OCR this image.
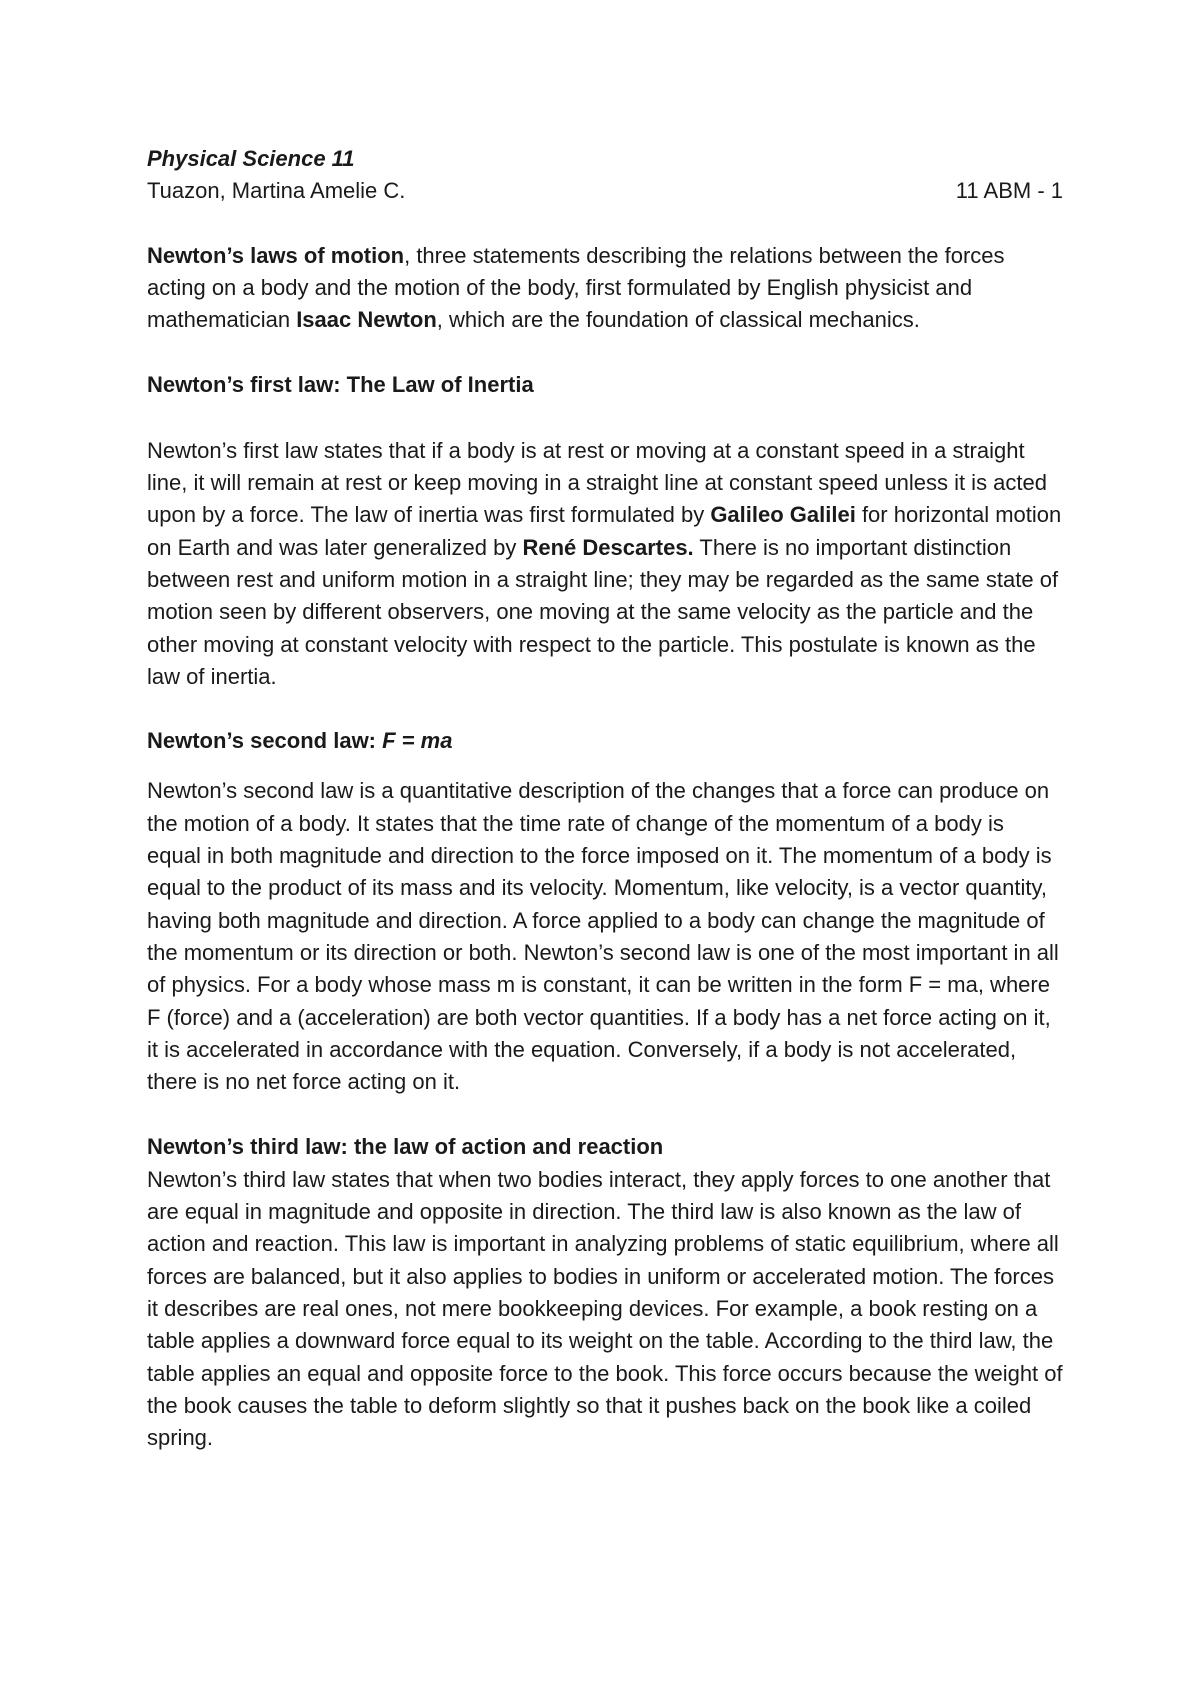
Physical Science 11

Tuazon, Martina Amelie C.	11 ABM - 1

Newton’s laws of motion, three statements describing the relations between the forces acting on a body and the motion of the body, first formulated by English physicist and mathematician Isaac Newton, which are the foundation of classical mechanics.

Newton’s first law: The Law of Inertia

Newton’s first law states that if a body is at rest or moving at a constant speed in a straight line, it will remain at rest or keep moving in a straight line at constant speed unless it is acted upon by a force. The law of inertia was first formulated by Galileo Galilei for horizontal motion on Earth and was later generalized by René Descartes. There is no important distinction between rest and uniform motion in a straight line; they may be regarded as the same state of motion seen by different observers, one moving at the same velocity as the particle and the other moving at constant velocity with respect to the particle. This postulate is known as the law of inertia.

Newton’s second law: F = ma

Newton’s second law is a quantitative description of the changes that a force can produce on the motion of a body. It states that the time rate of change of the momentum of a body is equal in both magnitude and direction to the force imposed on it. The momentum of a body is equal to the product of its mass and its velocity. Momentum, like velocity, is a vector quantity, having both magnitude and direction. A force applied to a body can change the magnitude of the momentum or its direction or both. Newton’s second law is one of the most important in all of physics. For a body whose mass m is constant, it can be written in the form F = ma, where F (force) and a (acceleration) are both vector quantities. If a body has a net force acting on it, it is accelerated in accordance with the equation. Conversely, if a body is not accelerated, there is no net force acting on it.

Newton’s third law: the law of action and reaction

Newton’s third law states that when two bodies interact, they apply forces to one another that are equal in magnitude and opposite in direction. The third law is also known as the law of action and reaction. This law is important in analyzing problems of static equilibrium, where all forces are balanced, but it also applies to bodies in uniform or accelerated motion. The forces it describes are real ones, not mere bookkeeping devices. For example, a book resting on a table applies a downward force equal to its weight on the table. According to the third law, the table applies an equal and opposite force to the book. This force occurs because the weight of the book causes the table to deform slightly so that it pushes back on the book like a coiled spring.
